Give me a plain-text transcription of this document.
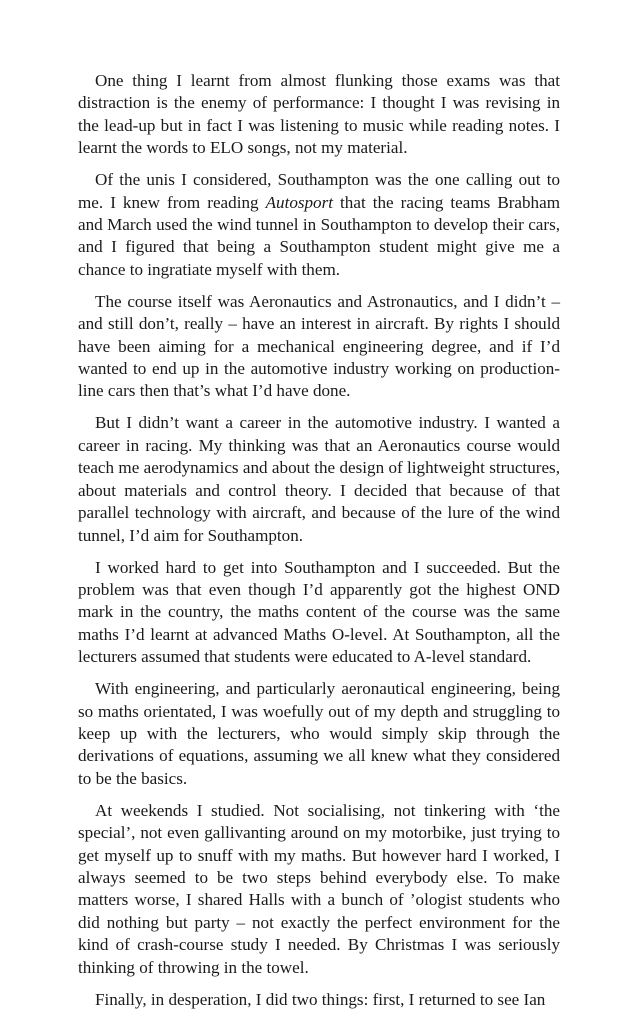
One thing I learnt from almost flunking those exams was that distraction is the enemy of performance: I thought I was revising in the lead-up but in fact I was listening to music while reading notes. I learnt the words to ELO songs, not my material.

Of the unis I considered, Southampton was the one calling out to me. I knew from reading Autosport that the racing teams Brabham and March used the wind tunnel in Southampton to develop their cars, and I figured that being a Southampton student might give me a chance to ingratiate myself with them.

The course itself was Aeronautics and Astronautics, and I didn’t – and still don’t, really – have an interest in aircraft. By rights I should have been aiming for a mechanical engineering degree, and if I’d wanted to end up in the automotive industry working on production-line cars then that’s what I’d have done.

But I didn’t want a career in the automotive industry. I wanted a career in racing. My thinking was that an Aeronautics course would teach me aerodynamics and about the design of lightweight structures, about materials and control theory. I decided that because of that parallel technology with aircraft, and because of the lure of the wind tunnel, I’d aim for Southampton.

I worked hard to get into Southampton and I succeeded. But the problem was that even though I’d apparently got the highest OND mark in the country, the maths content of the course was the same maths I’d learnt at advanced Maths O-level. At Southampton, all the lecturers assumed that students were educated to A-level standard.

With engineering, and particularly aeronautical engineering, being so maths orientated, I was woefully out of my depth and struggling to keep up with the lecturers, who would simply skip through the derivations of equations, assuming we all knew what they considered to be the basics.

At weekends I studied. Not socialising, not tinkering with ‘the special’, not even gallivanting around on my motorbike, just trying to get myself up to snuff with my maths. But however hard I worked, I always seemed to be two steps behind everybody else. To make matters worse, I shared Halls with a bunch of ’ologist students who did nothing but party – not exactly the perfect environment for the kind of crash-course study I needed. By Christmas I was seriously thinking of throwing in the towel.

Finally, in desperation, I did two things: first, I returned to see Ian
